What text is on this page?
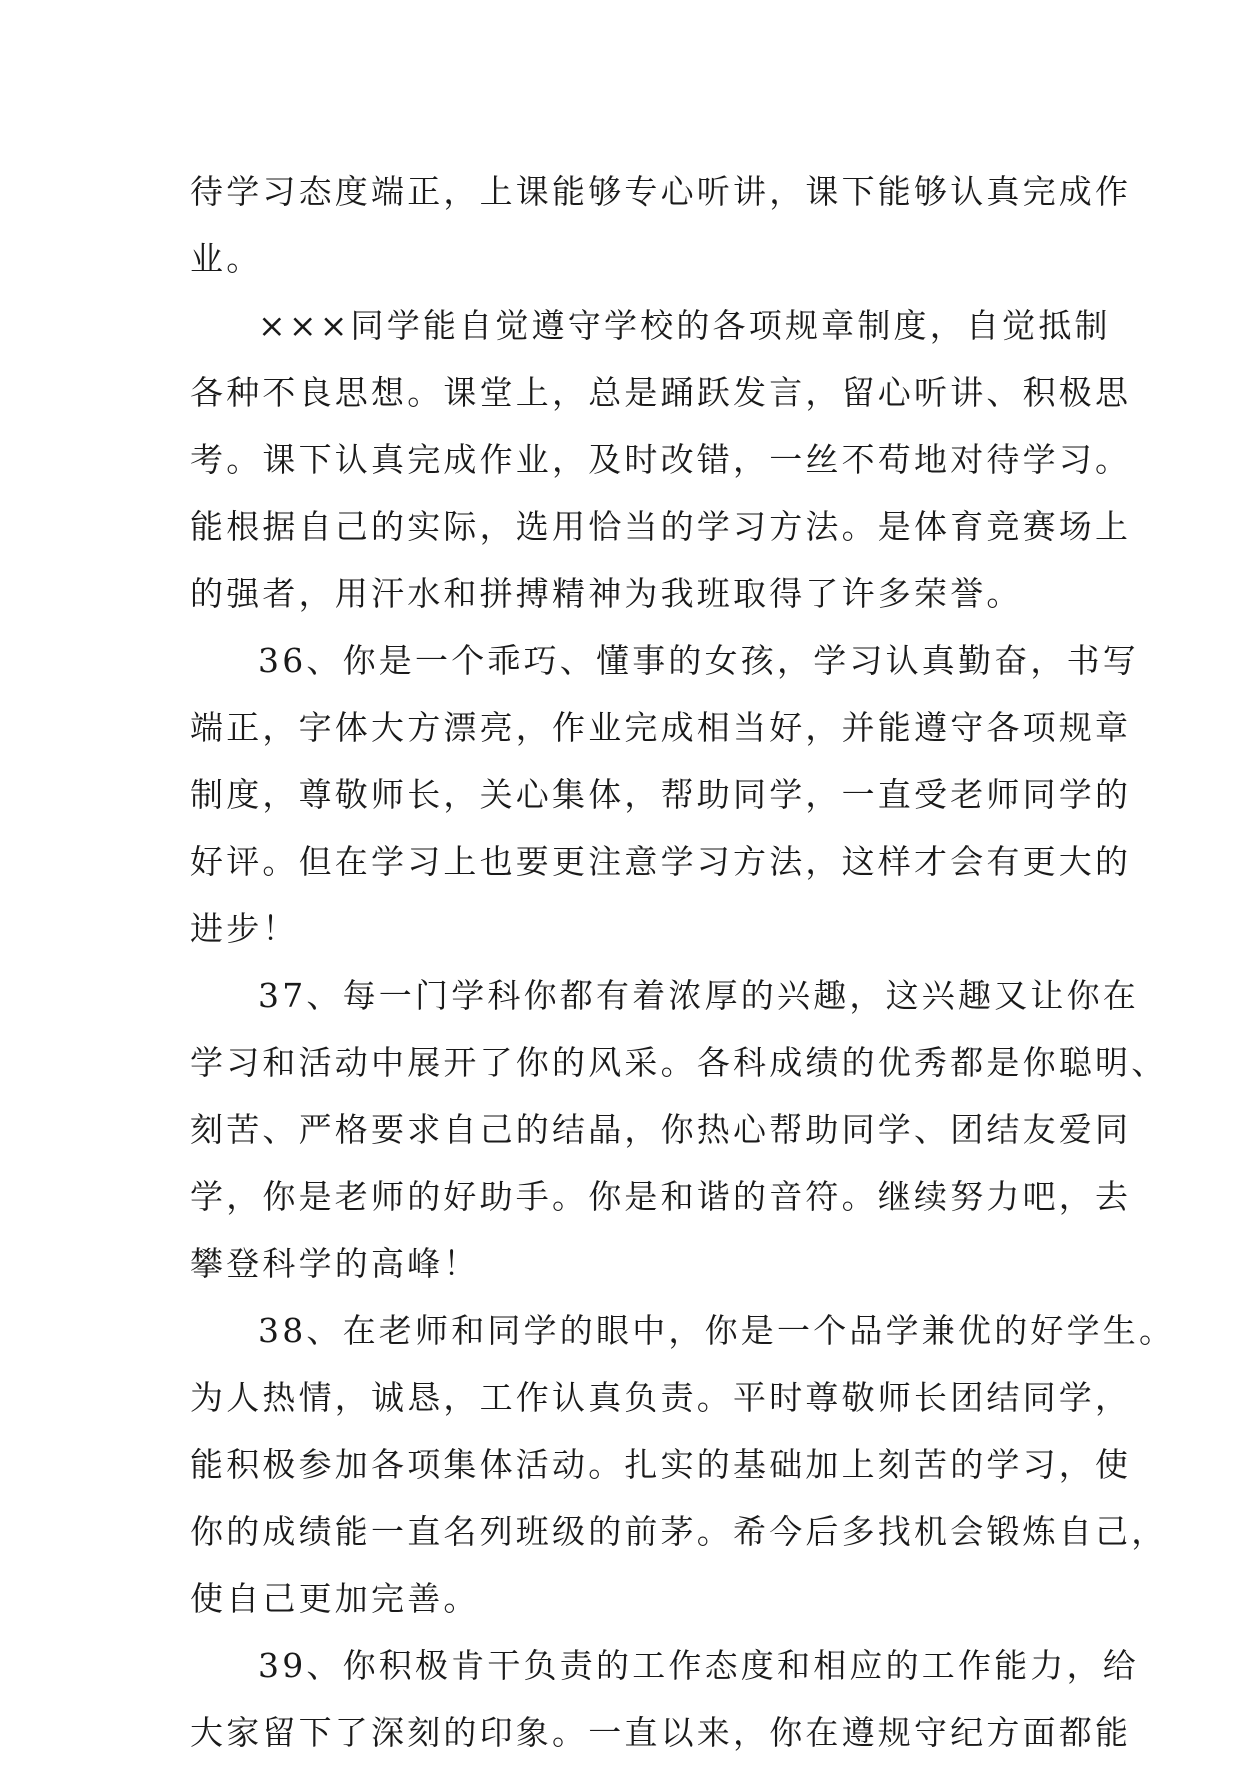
待学习态度端正，上课能够专心听讲，课下能够认真完成作
业。
×××同学能自觉遵守学校的各项规章制度，自觉抵制
各种不良思想。课堂上，总是踊跃发言，留心听讲、积极思
考。课下认真完成作业，及时改错，一丝不苟地对待学习。
能根据自己的实际，选用恰当的学习方法。是体育竞赛场上
的强者，用汗水和拼搏精神为我班取得了许多荣誉。
36、你是一个乖巧、懂事的女孩，学习认真勤奋，书写
端正，字体大方漂亮，作业完成相当好，并能遵守各项规章
制度，尊敬师长，关心集体，帮助同学，一直受老师同学的
好评。但在学习上也要更注意学习方法，这样才会有更大的
进步！
37、每一门学科你都有着浓厚的兴趣，这兴趣又让你在
学习和活动中展开了你的风采。各科成绩的优秀都是你聪明、
刻苦、严格要求自己的结晶，你热心帮助同学、团结友爱同
学，你是老师的好助手。你是和谐的音符。继续努力吧，去
攀登科学的高峰！
38、在老师和同学的眼中，你是一个品学兼优的好学生。
为人热情，诚恳，工作认真负责。平时尊敬师长团结同学，
能积极参加各项集体活动。扎实的基础加上刻苦的学习，使
你的成绩能一直名列班级的前茅。希今后多找机会锻炼自己，
使自己更加完善。
39、你积极肯干负责的工作态度和相应的工作能力，给
大家留下了深刻的印象。一直以来，你在遵规守纪方面都能
